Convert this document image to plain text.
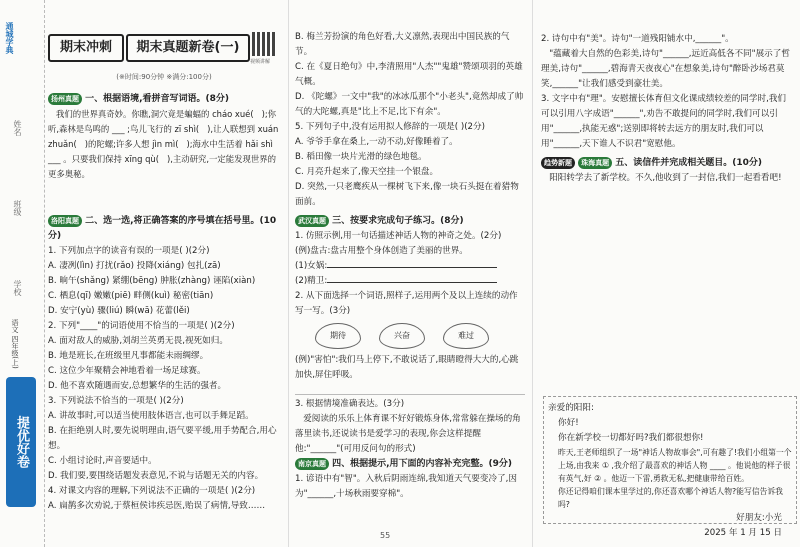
姓名
班级
学校
语文 四年级(上)
提优好卷
通城学典	期末冲刺	期末真题新卷(一)
视频讲解
(※时间:90分钟 ※满分:100分)
扬州真题 一、根据语境,看拼音写词语。(8分)

我们的世界真奇妙。你瞧,洞穴竟是蝙蝠的 cháo xué(   );你听,森林是鸟鸣的 ___ ;鸟儿飞行的 zī shì(   ),让人联想到 xuán zhuǎn(   )的陀螺;许多人想 jìn mì(   );海水中生活着 hǎi shì ___ 。只要我们保持 xīng qù(   ),主动研究,一定能发现世界的更多奥秘。

洛阳真题 二、选一选,将正确答案的序号填在括号里。(10分)
1. 下列加点字的读音有误的一项是( )(2分)
A. 凄冽(lìn) 打扰(rǎo) 投降(xiáng) 包扎(zā)
B. 晌午(shǎng) 紧绷(bēng) 肿胀(zhàng) 诬陷(xiàn)
C. 栖息(qī) 嫩嫩(piē) 畔侧(kuì) 秘密(tiān)
D. 安宁(yù) 骤(liú) 瞬(wā) 花蕾(lěi)
2. 下列"____"的词语使用不恰当的一项是( )(2分)
A. 面对敌人的威胁,刘胡兰英勇无畏,视死如归。
B. 地是班长,在班级里凡事都能未雨绸缪。
C. 这位少年聚精会神地看着一场足球赛。
D. 他不喜欢随遇而安,总想繁华的生活的强者。
3. 下列说法不恰当的一项是( )(2分)
A. 讲故事时,可以适当使用肢体语言,也可以手舞足蹈。
B. 在拒绝别人时,要先说明理由,语气要平缓,用手势配合,用心想。
C. 小组讨论时,声音要适中。
D. 我们要,要围绕话题发表意见,不说与话题无关的内容。
4. 对课文内容的理解,下列说法不正确的一项是( )(2分)
A. 扁鹊多次劝说,于蔡桓侯讳疾忌医,贻误了病情,导致……
B. 梅兰芳扮演的角色好看,大义凛然,表现出中国民族的气节。
C. 在《夏日绝句》中,李清照用"人杰""鬼雄"赞颂项羽的英雄气概。
D. 《陀螺》一文中"我"的冰冰瓜那个"小老头",竟然却成了帅气的大陀螺,真是"比上不足,比下有余"。
5. 下列句子中,没有运用拟人修辞的一项是( )(2分)
A. 爷爷手拿在桑上,一动不动,好像睡着了。
B. 稻田像一块片光滑的绿色地毯。
C. 月亮升起来了,像天空挂一个银盘。
D. 突然,一只老鹰疾从一棵树飞下来,像一块石头挺在着猎物面前。
武汉真题 三、按要求完成句子练习。(8分)
1. 仿照示例,用一句话描述神话人物的神奇之处。(2分)
(例)盘古:盘古用整个身体创造了美丽的世界。
(1)女娲:
(2)精卫:
2. 从下面选择一个词语,照样子,运用两个及以上连续的动作写一写。(3分)
期待	兴奋	难过
(例)"害怕":我们马上停下,不敢说话了,眼睛瞪得大大的,心跳加快,屏住呼吸。
3. 根据情境准确表达。(3分)

爱阅读的乐乐上体育课不好好锻炼身体,常常躲在操场的角落里读书,还说读书是爱学习的表现,你会这样提醒他:"______"(可用反问句的形式)

南京真题 四、根据提示,用下面的内容补充完整。(9分)
1. 谚语中有"智"。入秋后阴雨连绵,我知道天气要变冷了,因为"______,十场秋雨要穿棉"。
2. 诗句中有"美"。诗句"一道残阳铺水中,______"。

"蕴藏着大自然的色彩美,诗句"______,远近高低各不同"展示了哲理美,诗句"______,碧海青天夜夜心"在想象美,诗句"醉卧沙场君莫笑,______"让我们感受到豪壮美。

3. 文字中有"理"。安慰擅长体育但文化课成绩较差的同学时,我们可以引用八字成语"______",劝告不敢提问的同学时,我们可以引用"______,执能无惑";送别即将转去远方的朋友时,我们可以用"______,天下谁人不识君"宽慰他。

趋势新题 珠海真题 五、读信件并完成相关题目。(10分)

阳阳转学去了新学校。不久,他收到了一封信,我们一起看看吧!

亲爱的阳阳:
你好!
你在新学校一切都好吗?我们都很想你!
昨天,王老师组织了一场"神话人物故事会",可有趣了!我们小组第一个上场,由我来 ① ,我介绍了最喜欢的神话人物 ____ 。他说他的样子很有英气,好 ② 。他迈一下雷,勇救无私,把健康带给百姓。
你还记得咱们课本里学过的,你还喜欢哪个神话人物?能写信告诉我吗?
好朋友:小光
2025 年 1 月 15 日
55
